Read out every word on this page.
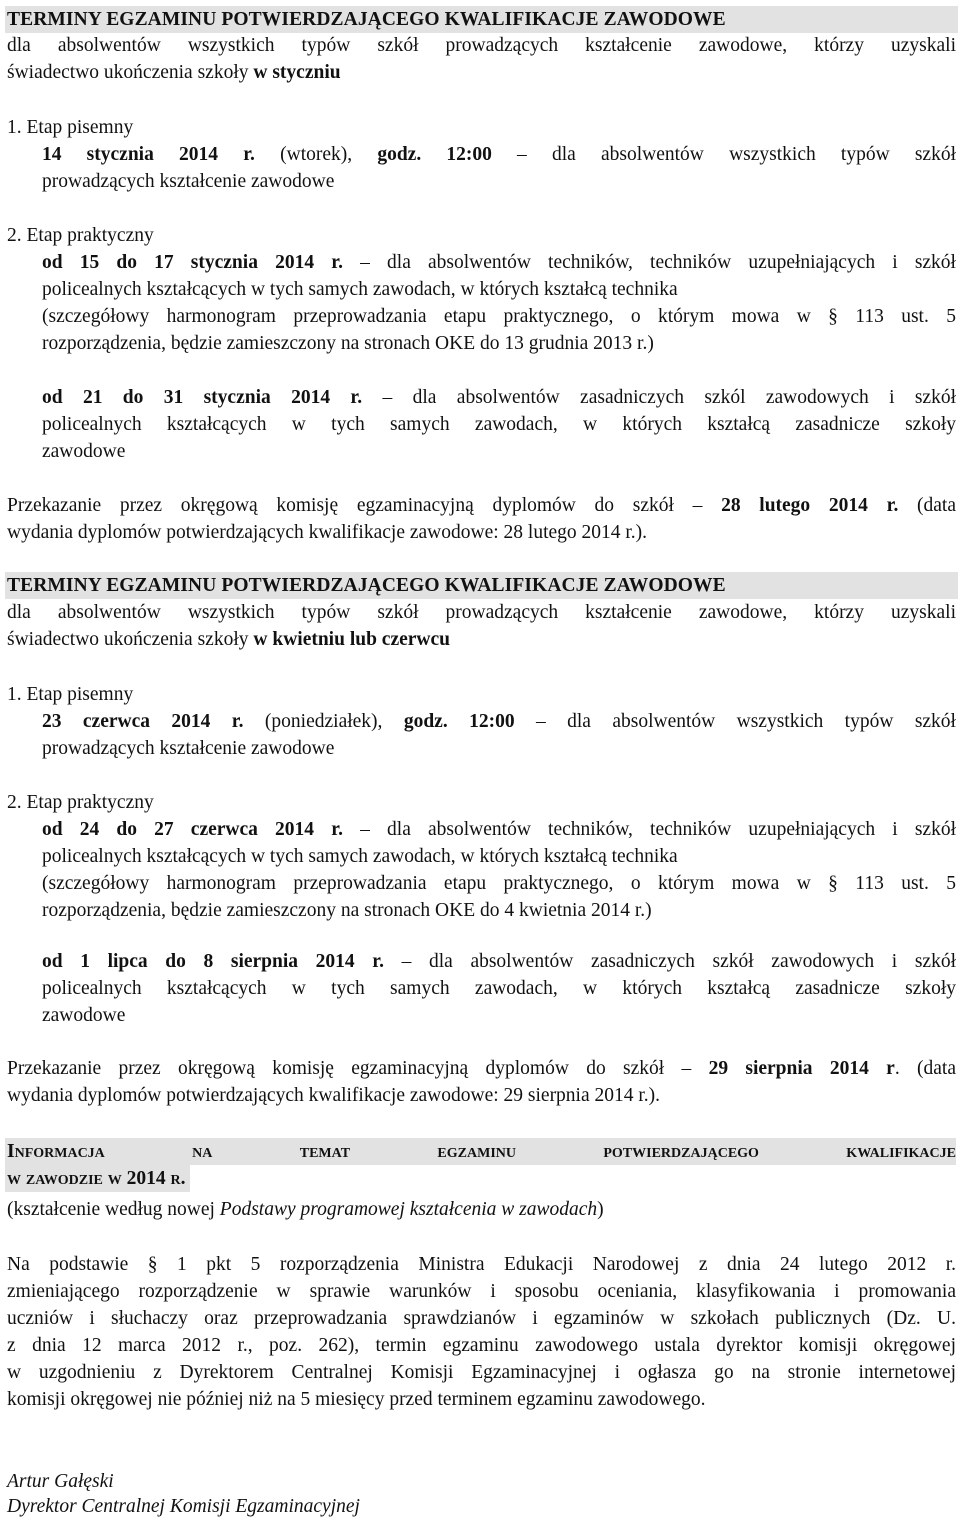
TERMINY EGZAMINU POTWIERDZAJĄCEGO KWALIFIKACJE ZAWODOWE
dla absolwentów wszystkich typów szkół prowadzących kształcenie zawodowe, którzy uzyskali
świadectwo ukończenia szkoły w styczniu
1. Etap pisemny
14 stycznia 2014 r. (wtorek), godz. 12:00 – dla absolwentów wszystkich typów szkół
prowadzących kształcenie zawodowe
2. Etap praktyczny
od 15 do 17 stycznia 2014 r. – dla absolwentów techników, techników uzupełniających i szkół
policealnych kształcących w tych samych zawodach, w których kształcą technika
(szczegółowy harmonogram przeprowadzania etapu praktycznego, o którym mowa w § 113 ust. 5
rozporządzenia, będzie zamieszczony na stronach OKE do 13 grudnia 2013 r.)
od 21 do 31 stycznia 2014 r. – dla absolwentów zasadniczych szkól zawodowych i szkół
policealnych kształcących w tych samych zawodach, w których kształcą zasadnicze szkoły
zawodowe
Przekazanie przez okręgową komisję egzaminacyjną dyplomów do szkół – 28 lutego 2014 r. (data
wydania dyplomów potwierdzających kwalifikacje zawodowe: 28 lutego 2014 r.).
TERMINY EGZAMINU POTWIERDZAJĄCEGO KWALIFIKACJE ZAWODOWE
dla absolwentów wszystkich typów szkół prowadzących kształcenie zawodowe, którzy uzyskali
świadectwo ukończenia szkoły w kwietniu lub czerwcu
1. Etap pisemny
23 czerwca 2014 r. (poniedziałek), godz. 12:00 – dla absolwentów wszystkich typów szkół
prowadzących kształcenie zawodowe
2. Etap praktyczny
od 24 do 27 czerwca 2014 r. – dla absolwentów techników, techników uzupełniających i szkół
policealnych kształcących w tych samych zawodach, w których kształcą technika
(szczegółowy harmonogram przeprowadzania etapu praktycznego, o którym mowa w § 113 ust. 5
rozporządzenia, będzie zamieszczony na stronach OKE do 4 kwietnia 2014 r.)
od 1 lipca do 8 sierpnia 2014 r. – dla absolwentów zasadniczych szkół zawodowych i szkół
policealnych kształcących w tych samych zawodach, w których kształcą zasadnicze szkoły
zawodowe
Przekazanie przez okręgową komisję egzaminacyjną dyplomów do szkół – 29 sierpnia 2014 r. (data
wydania dyplomów potwierdzających kwalifikacje zawodowe: 29 sierpnia 2014 r.).
Informacja na temat egzaminu potwierdzającego kwalifikacje
w zawodzie w 2014 r.
(kształcenie według nowej Podstawy programowej kształcenia w zawodach)
Na podstawie § 1 pkt 5 rozporządzenia Ministra Edukacji Narodowej z dnia 24 lutego 2012 r.
zmieniającego rozporządzenie w sprawie warunków i sposobu oceniania, klasyfikowania i promowania
uczniów i słuchaczy oraz przeprowadzania sprawdzianów i egzaminów w szkołach publicznych (Dz. U.
z dnia 12 marca 2012 r., poz. 262), termin egzaminu zawodowego ustala dyrektor komisji okręgowej
w uzgodnieniu z Dyrektorem Centralnej Komisji Egzaminacyjnej i ogłasza go na stronie internetowej
komisji okręgowej nie później niż na 5 miesięcy przed terminem egzaminu zawodowego.
Artur Gałęski
Dyrektor Centralnej Komisji Egzaminacyjnej
